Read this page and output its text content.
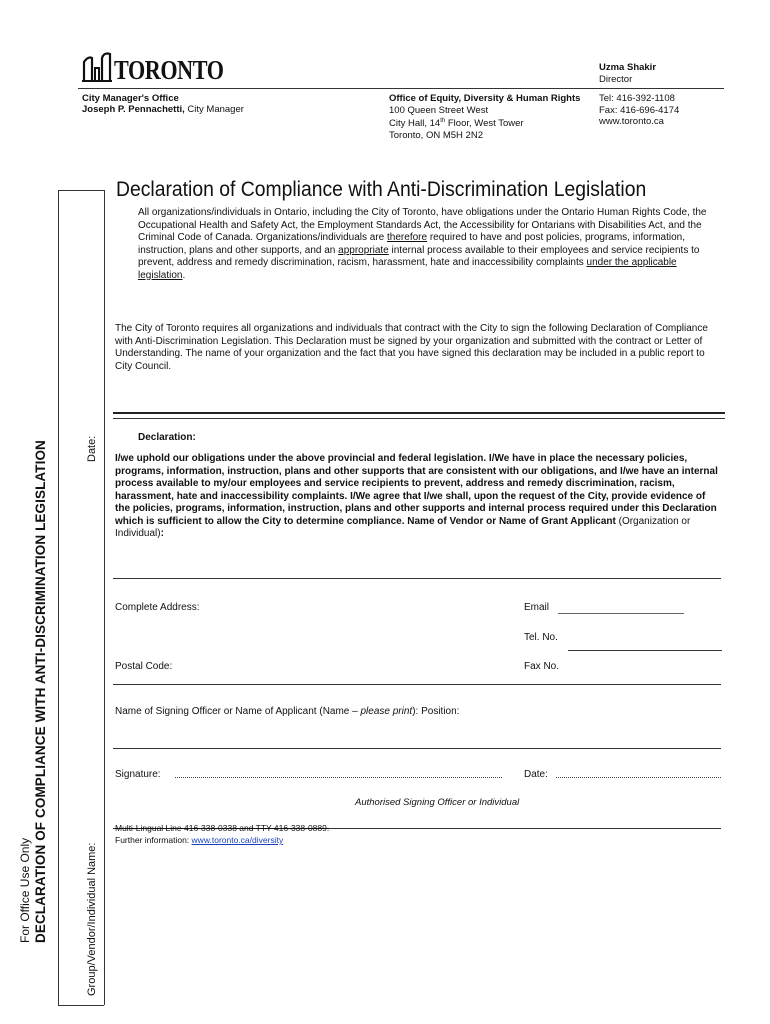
TORONTO	Uzma Shakir
Director
City Manager's Office
Joseph P. Pennachetti, City Manager
Office of Equity, Diversity & Human Rights
100 Queen Street West
City Hall, 14th Floor, West Tower
Toronto, ON M5H 2N2
Tel: 416-392-1108
Fax: 416-696-4174
www.toronto.ca
For Office Use Only DECLARATION OF COMPLIANCE WITH ANTI-DISCRIMINATION LEGISLATION	Date:
Group/Vendor/Individual Name:
Declaration of Compliance with Anti-Discrimination Legislation
All organizations/individuals in Ontario, including the City of Toronto, have obligations under the Ontario Human Rights Code, the Occupational Health and Safety Act, the Employment Standards Act, the Accessibility for Ontarians with Disabilities Act, and the Criminal Code of Canada. Organizations/individuals are therefore required to have and post policies, programs, information, instruction, plans and other supports, and an appropriate internal process available to their employees and service recipients to prevent, address and remedy discrimination, racism, harassment, hate and inaccessibility complaints under the applicable legislation.
The City of Toronto requires all organizations and individuals that contract with the City to sign the following Declaration of Compliance with Anti-Discrimination Legislation. This Declaration must be signed by your organization and submitted with the contract or Letter of Understanding. The name of your organization and the fact that you have signed this declaration may be included in a public report to City Council.
Declaration:
I/we uphold our obligations under the above provincial and federal legislation. I/We have in place the necessary policies, programs, information, instruction, plans and other supports that are consistent with our obligations, and I/we have an internal process available to my/our employees and service recipients to prevent, address and remedy discrimination, racism, harassment, hate and inaccessibility complaints. I/We agree that I/we shall, upon the request of the City, provide evidence of the policies, programs, information, instruction, plans and other supports and internal process required under this Declaration which is sufficient to allow the City to determine compliance. Name of Vendor or Name of Grant Applicant (Organization or Individual):
Complete Address:	Email
Tel. No.
Postal Code:	Fax No.
Name of Signing Officer or Name of Applicant (Name – please print): Position:
Signature:	Date:
Authorised Signing Officer or Individual
Multi-Lingual Line 416-338-0338 and TTY 416-338-0889.
Further information: www.toronto.ca/diversity
